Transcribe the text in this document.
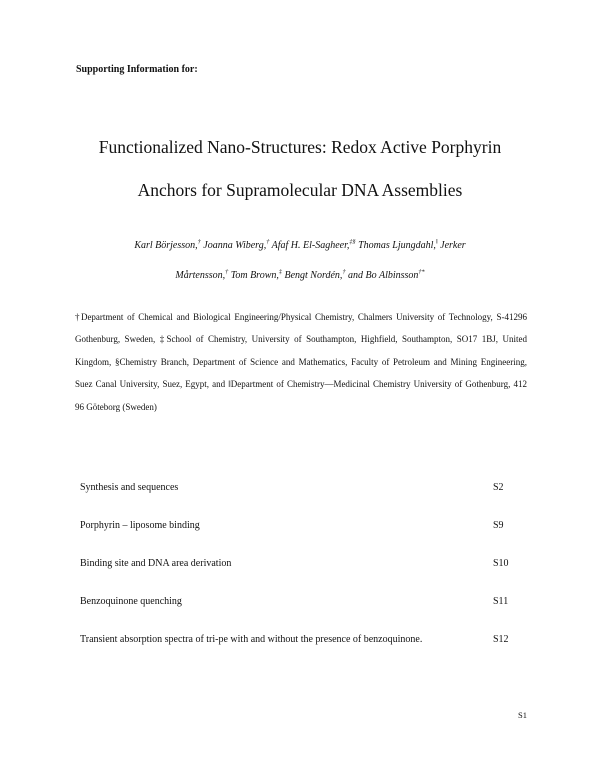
Supporting Information for:
Functionalized Nano-Structures: Redox Active Porphyrin
Anchors for Supramolecular DNA Assemblies
Karl Börjesson,† Joanna Wiberg,† Afaf H. El-Sagheer,‡§ Thomas Ljungdahl,‖ Jerker
Mårtensson,† Tom Brown,‡ Bengt Nordén,† and Bo Albinsson†*
†Department of Chemical and Biological Engineering/Physical Chemistry, Chalmers University of Technology, S-41296 Gothenburg, Sweden, ‡School of Chemistry, University of Southampton, Highfield, Southampton, SO17 1BJ, United Kingdom, §Chemistry Branch, Department of Science and Mathematics, Faculty of Petroleum and Mining Engineering, Suez Canal University, Suez, Egypt, and ‖Department of Chemistry—Medicinal Chemistry University of Gothenburg, 412 96 Göteborg (Sweden)
Synthesis and sequences	S2
Porphyrin – liposome binding	S9
Binding site and DNA area derivation	S10
Benzoquinone quenching	S11
Transient absorption spectra of tri-pe with and without the presence of benzoquinone.	S12
S1
